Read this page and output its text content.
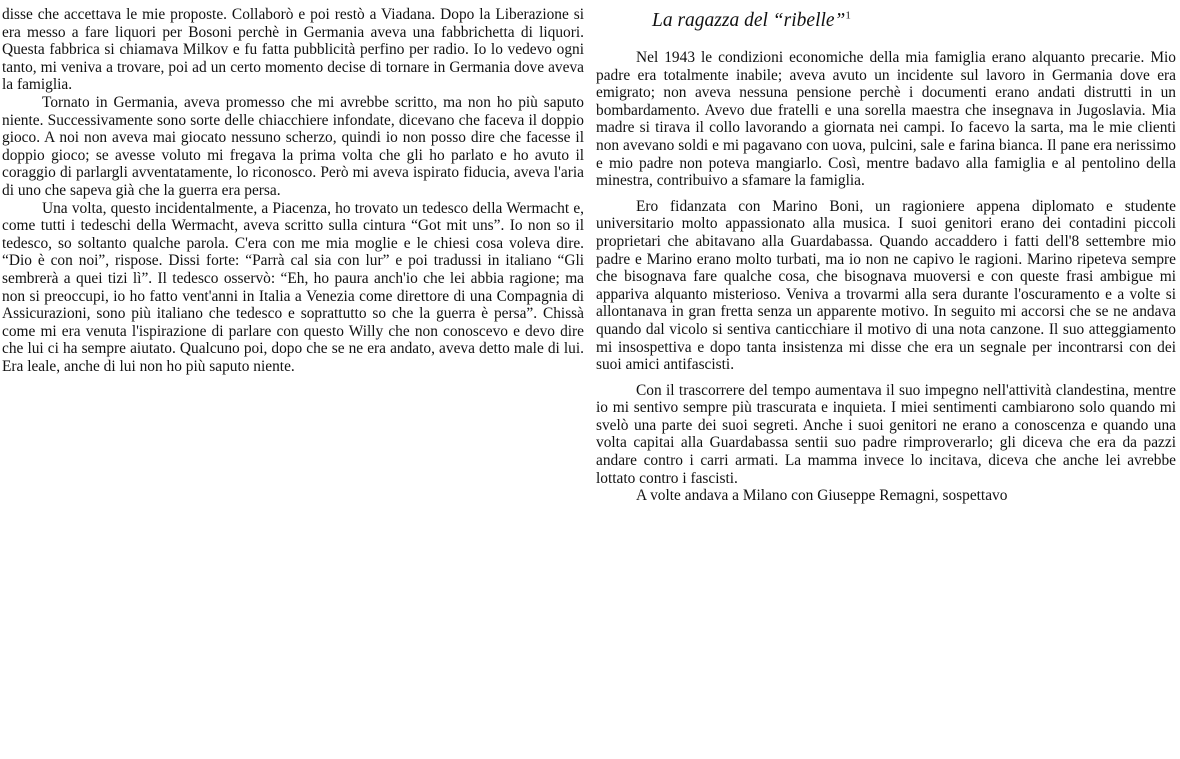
disse che accettava le mie proposte. Collaborò e poi restò a Viadana. Dopo la Liberazione si era messo a fare liquori per Bosoni perchè in Germania aveva una fabbrichetta di liquori. Questa fabbrica si chiamava Milkov e fu fatta pubblicità perfino per radio. Io lo vedevo ogni tanto, mi veniva a trovare, poi ad un certo momento decise di tornare in Germania dove aveva la famiglia.

Tornato in Germania, aveva promesso che mi avrebbe scritto, ma non ho più saputo niente. Successivamente sono sorte delle chiacchiere infondate, dicevano che faceva il doppio gioco. A noi non aveva mai giocato nessuno scherzo, quindi io non posso dire che facesse il doppio gioco; se avesse voluto mi fregava la prima volta che gli ho parlato e ho avuto il coraggio di parlargli avventatamente, lo riconosco. Però mi aveva ispirato fiducia, aveva l'aria di uno che sapeva già che la guerra era persa.

Una volta, questo incidentalmente, a Piacenza, ho trovato un tedesco della Wermacht e, come tutti i tedeschi della Wermacht, aveva scritto sulla cintura “Got mit uns”. Io non so il tedesco, so soltanto qualche parola. C'era con me mia moglie e le chiesi cosa voleva dire. “Dio è con noi”, rispose. Dissi forte: “Parrà cal sia con lur” e poi tradussi in italiano “Gli sembrerà a quei tizi lì”. Il tedesco osservò: “Eh, ho paura anch'io che lei abbia ragione; ma non si preoccupi, io ho fatto vent'anni in Italia a Venezia come direttore di una Compagnia di Assicurazioni, sono più italiano che tedesco e soprattutto so che la guerra è persa”. Chissà come mi era venuta l'ispirazione di parlare con questo Willy che non conoscevo e devo dire che lui ci ha sempre aiutato. Qualcuno poi, dopo che se ne era andato, aveva detto male di lui. Era leale, anche di lui non ho più saputo niente.

La ragazza del “ribelle”$^1$

Nel 1943 le condizioni economiche della mia famiglia erano alquanto precarie. Mio padre era totalmente inabile; aveva avuto un incidente sul lavoro in Germania dove era emigrato; non aveva nessuna pensione perchè i documenti erano andati distrutti in un bombardamento. Avevo due fratelli e una sorella maestra che insegnava in Jugoslavia. Mia madre si tirava il collo lavorando a giornata nei campi. Io facevo la sarta, ma le mie clienti non avevano soldi e mi pagavano con uova, pulcini, sale e farina bianca. Il pane era nerissimo e mio padre non poteva mangiarlo. Così, mentre badavo alla famiglia e al pentolino della minestra, contribuivo a sfamare la famiglia.

Ero fidanzata con Marino Boni, un ragioniere appena diplomato e studente universitario molto appassionato alla musica. I suoi genitori erano dei contadini piccoli proprietari che abitavano alla Guardabassa. Quando accaddero i fatti dell'8 settembre mio padre e Marino erano molto turbati, ma io non ne capivo le ragioni. Marino ripeteva sempre che bisognava fare qualche cosa, che bisognava muoversi e con queste frasi ambigue mi appariva alquanto misterioso. Veniva a trovarmi alla sera durante l'oscuramento e a volte si allontanava in gran fretta senza un apparente motivo. In seguito mi accorsi che se ne andava quando dal vicolo si sentiva canticchiare il motivo di una nota canzone. Il suo atteggiamento mi insospettiva e dopo tanta insistenza mi disse che era un segnale per incontrarsi con dei suoi amici antifascisti.

Con il trascorrere del tempo aumentava il suo impegno nell'attività clandestina, mentre io mi sentivo sempre più trascurata e inquieta. I miei sentimenti cambiarono solo quando mi svelò una parte dei suoi segreti. Anche i suoi genitori ne erano a conoscenza e quando una volta capitai alla Guardabassa sentii suo padre rimproverarlo; gli diceva che era da pazzi andare contro i carri armati. La mamma invece lo incitava, diceva che anche lei avrebbe lottato contro i fascisti.

A volte andava a Milano con Giuseppe Remagni, sospettavo
